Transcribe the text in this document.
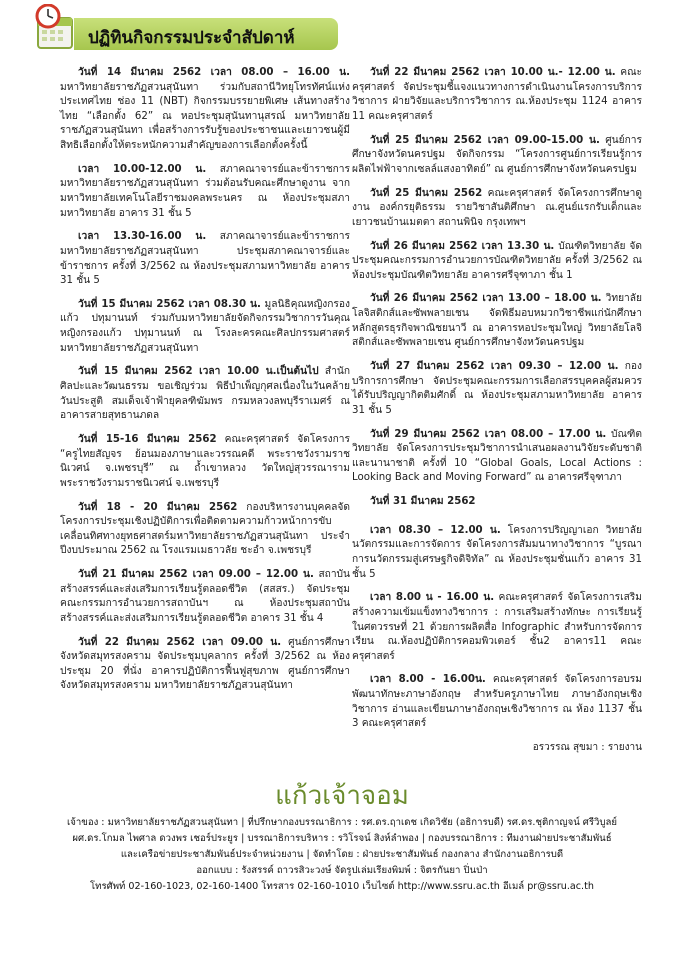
ปฏิทินกิจกรรมประจำสัปดาห์
วันที่ 14 มีนาคม 2562 เวลา 08.00 – 16.00 น. มหาวิทยาลัยราชภัฏสวนสุนันทา ร่วมกับสถานีวิทยุโทรทัศน์แห่งประเทศไทย ช่อง 11 (NBT) กิจกรรมบรรยายพิเศษ เส้นทางสร้างไทย “เลือกตั้ง 62” ณ หอประชุมสุนันทานุสรณ์ มหาวิทยาลัยราชภัฏสวนสุนันทา เพื่อสร้างการรับรู้ของประชาชนและเยาวชนผู้มีสิทธิเลือกตั้งให้ตระหนักความสำคัญของการเลือกตั้งครั้งนี้
เวลา 10.00-12.00 น. สภาคณาจารย์และข้าราชการ มหาวิทยาลัยราชภัฏสวนสุนันทา ร่วมต้อนรับคณะศึกษาดูงาน จาก มหาวิทยาลัยเทคโนโลยีราชมงคลพระนคร ณ ห้องประชุมสภามหาวิทยาลัย อาคาร 31 ชั้น 5
เวลา 13.30-16.00 น. สภาคณาจารย์และข้าราชการ มหาวิทยาลัยราชภัฏสวนสุนันทา ประชุมสภาคณาจารย์และข้าราชการ ครั้งที่ 3/2562 ณ ห้องประชุมสภามหาวิทยาลัย อาคาร 31 ชั้น 5
วันที่ 15 มีนาคม 2562 เวลา 08.30 น. มูลนิธิคุณหญิงกรองแก้ว ปทุมานนท์ ร่วมกับมหาวิทยาลัยจัดกิจกรรมวิชาการวันคุณหญิงกรองแก้ว ปทุมานนท์ ณ โรงละครคณะศิลปกรรมศาสตร์ มหาวิทยาลัยราชภัฏสวนสุนันทา
วันที่ 15 มีนาคม 2562 เวลา 10.00 น.เป็นต้นไป สำนักศิลปะและวัฒนธรรม ขอเชิญร่วม พิธีบำเพ็ญกุศลเนื่องในวันคล้ายวันประสูติ สมเด็จเจ้าฟ้ายุคลฑิฆัมพร กรมหลวงลพบุรีราเมศร์ ณ อาคารสายสุทธานภดล
วันที่ 15-16 มีนาคม 2562 คณะครุศาสตร์ จัดโครงการ “ครูไทยสัญจร ย้อนมองภาษาและวรรณคดี พระราชวังรามราชนิเวศน์ จ.เพชรบุรี” ณ ถ้ำเขาหลวง วัดใหญ่สุวรรณาราม พระราชวังรามราชนิเวศน์ จ.เพชรบุรี
วันที่ 18 - 20 มีนาคม 2562 กองบริหารงานบุคคลจัดโครงการประชุมเชิงปฏิบัติการเพื่อติดตามความก้าวหน้าการขับเคลื่อนทิศทางยุทธศาสตร์มหาวิทยาลัยราชภัฏสวนสุนันทา ประจำปีงบประมาณ 2562 ณ โรงแรมเมธาวลัย ชะอำ จ.เพชรบุรี
วันที่ 21 มีนาคม 2562 เวลา 09.00 – 12.00 น. สถาบันสร้างสรรค์และส่งเสริมการเรียนรู้ตลอดชีวิต (สสสร.) จัดประชุมคณะกรรมการอำนวยการสถาบันฯ ณ ห้องประชุมสถาบันสร้างสรรค์และส่งเสริมการเรียนรู้ตลอดชีวิต อาคาร 31 ชั้น 4
วันที่ 22 มีนาคม 2562 เวลา 09.00 น. ศูนย์การศึกษาจังหวัดสมุทรสงคราม จัดประชุมบุคลากร ครั้งที่ 3/2562 ณ ห้องประชุม 20 ที่นั่ง อาคารปฏิบัติการฟื้นฟูสุขภาพ ศูนย์การศึกษาจังหวัดสมุทรสงคราม มหาวิทยาลัยราชภัฏสวนสุนันทา
วันที่ 22 มีนาคม 2562 เวลา 10.00 น.- 12.00 น. คณะครุศาสตร์ จัดประชุมชี้แจงแนวทางการดำเนินงานโครงการบริการวิชาการ ฝ่ายวิจัยและบริการวิชาการ ณ.ห้องประชุม 1124 อาคาร 11 คณะครุศาสตร์
วันที่ 25 มีนาคม 2562 เวลา 09.00-15.00 น. ศูนย์การศึกษาจังหวัดนครปฐม จัดกิจกรรม “โครงการศูนย์การเรียนรู้การผลิตไฟฟ้าจากเซลล์แสงอาทิตย์” ณ ศูนย์การศึกษาจังหวัดนครปฐม
วันที่ 25 มีนาคม 2562 คณะครุศาสตร์ จัดโครงการศึกษาดูงาน องค์กรยุติธรรม รายวิชาสันติศึกษา ณ.ศูนย์แรกรับเด็กและเยาวชนบ้านเมตตา สถานพินิจ กรุงเทพฯ
วันที่ 26 มีนาคม 2562 เวลา 13.30 น. บัณฑิตวิทยาลัย จัดประชุมคณะกรรมการอำนวยการบัณฑิตวิทยาลัย ครั้งที่ 3/2562 ณ ห้องประชุมบัณฑิตวิทยาลัย อาคารศรีจุฑาภา ชั้น 1
วันที่ 26 มีนาคม 2562 เวลา 13.00 – 18.00 น. วิทยาลัยโลจิสติกส์และซัพพลายเชน จัดพิธีมอบหมวกวิชาชีพแก่นักศึกษาหลักสูตรธุรกิจพาณิชยนาวี ณ อาคารหอประชุมใหญ่ วิทยาลัยโลจิสติกส์และซัพพลายเชน ศูนย์การศึกษาจังหวัดนครปฐม
วันที่ 27 มีนาคม 2562 เวลา 09.30 – 12.00 น. กองบริการการศึกษา จัดประชุมคณะกรรมการเลือกสรรบุคคลผู้สมควรได้รับปริญญากิตติมศักดิ์ ณ ห้องประชุมสภามหาวิทยาลัย อาคาร 31 ชั้น 5
วันที่ 29 มีนาคม 2562 เวลา 08.00 – 17.00 น. บัณฑิตวิทยาลัย จัดโครงการประชุมวิชาการนำเสนอผลงานวิจัยระดับชาติและนานาชาติ ครั้งที่ 10 “Global Goals, Local Actions : Looking Back and Moving Forward” ณ อาคารศรีจุฑาภา
วันที่ 31 มีนาคม 2562
เวลา 08.30 – 12.00 น. โครงการปริญญาเอก วิทยาลัยนวัตกรรมและการจัดการ จัดโครงการสัมมนาทางวิชาการ “บูรณาการนวัตกรรมสู่เศรษฐกิจดิจิทัล” ณ ห้องประชุมชั่นแก้ว อาคาร 31 ชั้น 5
เวลา 8.00 น - 16.00 น. คณะครุศาสตร์ จัดโครงการเสริมสร้างความเข้มแข็งทางวิชาการ : การเสริมสร้างทักษะ การเรียนรู้ในศตวรรษที่ 21 ด้วยการผลิตสื่อ Infographic สำหรับการจัดการเรียน ณ.ห้องปฏิบัติการคอมพิวเตอร์ ชั้น2 อาคาร11 คณะครุศาสตร์
เวลา 8.00 - 16.00น. คณะครุศาสตร์ จัดโครงการอบรมพัฒนาทักษะภาษาอังกฤษ สำหรับครูภาษาไทย ภาษาอังกฤษเชิงวิชาการ อ่านและเขียนภาษาอังกฤษเชิงวิชาการ ณ ห้อง 1137 ชั้น 3 คณะครุศาสตร์
อรวรรณ สุขมา : รายงาน
แก้วเจ้าจอม
เจ้าของ : มหาวิทยาลัยราชภัฏสวนสุนันทา | ที่ปรึกษากองบรรณาธิการ : รศ.ดร.ฤาเดช เกิดวิชัย (อธิการบดี) รศ.ดร.ชุติกาญจน์ ศรีวิบูลย์
ผศ.ดร.โกมล ไพศาล ดวงพร เชอร์ประยูร | บรรณาธิการบริหาร : รวิโรจน์ สิงห์ลำพอง | กองบรรณาธิการ : ทีมงานฝ่ายประชาสัมพันธ์
และเครือข่ายประชาสัมพันธ์ประจำหน่วยงาน | จัดทำโดย : ฝ่ายประชาสัมพันธ์ กองกลาง สำนักงานอธิการบดี
ออกแบบ : รังสรรค์ ถาวรสิวะวงษ์ จัดรูปเล่มเรียงพิมพ์ : จิตรกันยา ปิ่นป่า
โทรศัพท์ 02-160-1023, 02-160-1400 โทรสาร 02-160-1010 เว็บไซต์ http://www.ssru.ac.th อีเมล์ pr@ssru.ac.th
